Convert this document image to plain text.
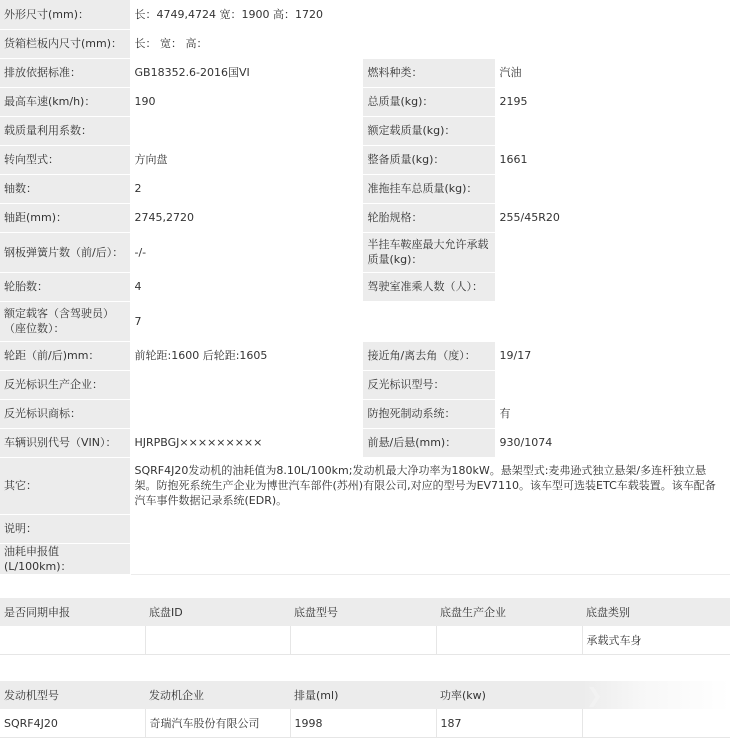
外形尺寸(mm)：	长：4749,4724 宽：1900 高：1720		
货箱栏板内尺寸(mm)：	长： 宽： 高：		
排放依据标准：	GB18352.6-2016国VI	燃料种类：	汽油
最高车速(km/h)：	190	总质量(kg)：	2195
载质量利用系数：		额定载质量(kg)：	
转向型式：	方向盘	整备质量(kg)：	1661
轴数：	2	准拖挂车总质量(kg)：	
轴距(mm)：	2745,2720	轮胎规格：	255/45R20
钢板弹簧片数（前/后）：	-/-	半挂车鞍座最大允许承载质量(kg)：	
轮胎数：	4	驾驶室准乘人数（人）：	
额定载客（含驾驶员）（座位数）：	7		
轮距（前/后)mm：	前轮距:1600 后轮距:1605	接近角/离去角（度）：	19/17
反光标识生产企业：		反光标识型号：	
反光标识商标：		防抱死制动系统：	有
车辆识别代号（VIN）：	HJRPBGJ×××××××××	前悬/后悬(mm)：	930/1074
其它：	SQRF4J20发动机的油耗值为8.10L/100km;发动机最大净功率为180kW。悬架型式:麦弗逊式独立悬架/多连杆独立悬架。防抱死系统生产企业为博世汽车部件(苏州)有限公司,对应的型号为EV7110。该车型可选装ETC车载装置。该车配备汽车事件数据记录系统(EDR)。		
说明：			
油耗申报值(L/100km)：			
是否同期申报	底盘ID	底盘型号	底盘生产企业	底盘类别
				承载式车身
发动机型号	发动机企业	排量(ml)	功率(kw)	❯
SQRF4J20	奇瑞汽车股份有限公司	1998	187	
